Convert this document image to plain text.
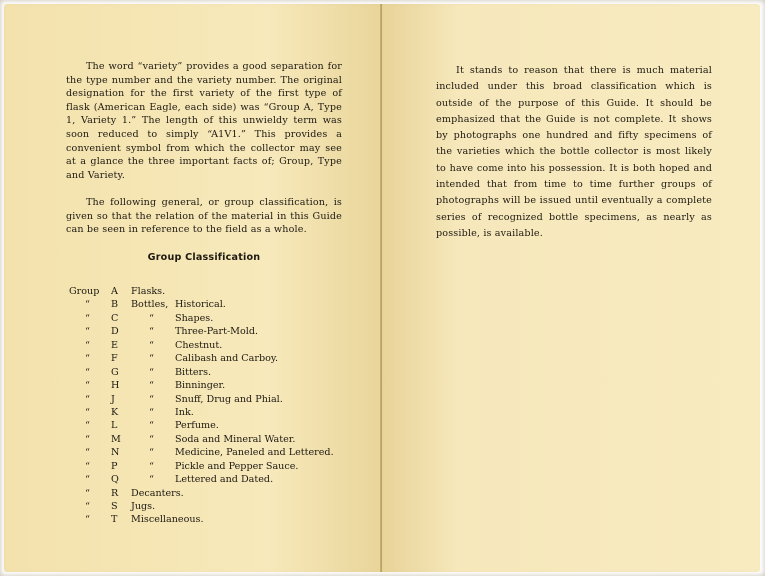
The word “variety” provides a good separation for the type number and the variety number. The original designation for the first variety of the first type of flask (American Eagle, each side) was “Group A, Type 1, Variety 1.” The length of this unwieldy term was soon reduced to simply “A1V1.” This provides a convenient symbol from which the collector may see at a glance the three important facts of; Group, Type and Variety.

The following general, or group classification, is given so that the relation of the material in this Guide can be seen in reference to the field as a whole.

Group Classification
Group	A Flasks.
“	B Bottles, Historical.
“	C	“ Shapes.
“	D	“ Three-Part-Mold.
“	E	“ Chestnut.
“	F	“ Calibash and Carboy.
“	G	“ Bitters.
“	H	“ Binninger.
“	J	“ Snuff, Drug and Phial.
“	K	“ Ink.
“	L	“ Perfume.
“	M	“ Soda and Mineral Water.
“	N	“ Medicine, Paneled and Lettered.
“	P	“ Pickle and Pepper Sauce.
“	Q	“ Lettered and Dated.
“	R Decanters.
“	S Jugs.
“	T Miscellaneous.

It stands to reason that there is much material included under this broad classification which is outside of the purpose of this Guide. It should be emphasized that the Guide is not complete. It shows by photographs one hundred and fifty specimens of the varieties which the bottle collector is most likely to have come into his possession. It is both hoped and intended that from time to time further groups of photographs will be issued until eventually a complete series of recognized bottle specimens, as nearly as possible, is available.
